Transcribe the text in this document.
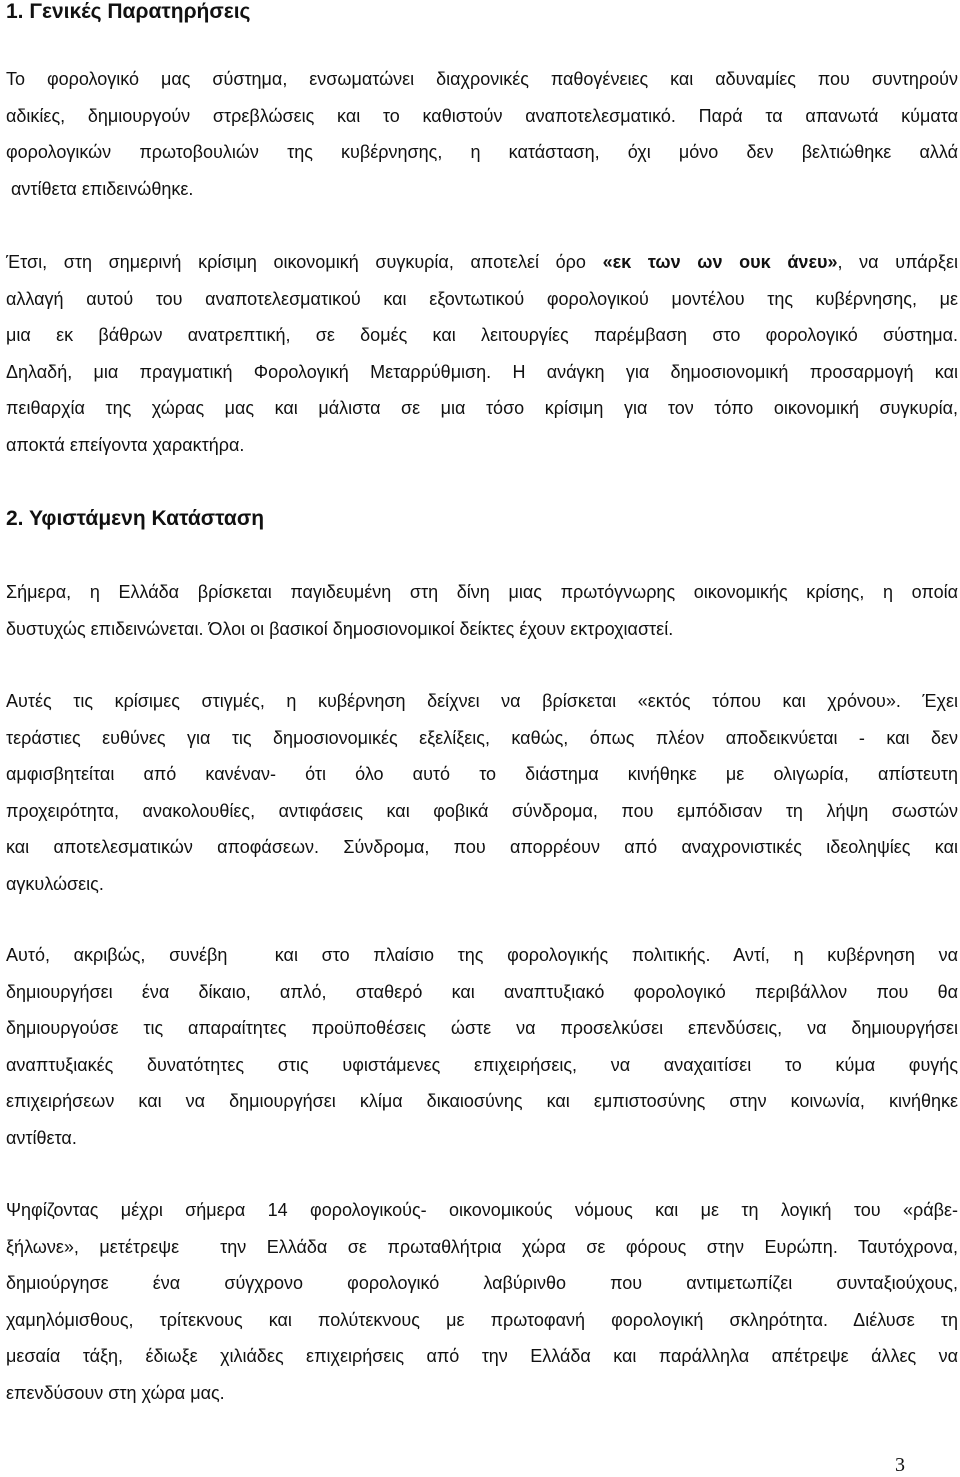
1. Γενικές Παρατηρήσεις

Το φορολογικό μας σύστημα, ενσωματώνει διαχρονικές παθογένειες και αδυναμίες που συντηρούν
αδικίες, δημιουργούν στρεβλώσεις και το καθιστούν αναποτελεσματικό. Παρά τα απανωτά κύματα
φορολογικών πρωτοβουλιών της κυβέρνησης, η κατάσταση, όχι μόνο δεν βελτιώθηκε αλλά
αντίθετα επιδεινώθηκε.

Έτσι, στη σημερινή κρίσιμη οικονομική συγκυρία, αποτελεί όρο «εκ των ων ουκ άνευ», να υπάρξει
αλλαγή αυτού του αναποτελεσματικού και εξοντωτικού φορολογικού μοντέλου της κυβέρνησης, με
μια εκ βάθρων ανατρεπτική, σε δομές και λειτουργίες παρέμβαση στο φορολογικό σύστημα.
Δηλαδή, μια πραγματική Φορολογική Μεταρρύθμιση. Η ανάγκη για δημοσιονομική προσαρμογή και
πειθαρχία της χώρας μας και μάλιστα σε μια τόσο κρίσιμη για τον τόπο οικονομική συγκυρία,
αποκτά επείγοντα χαρακτήρα.

2. Υφιστάμενη Κατάσταση

Σήμερα, η Ελλάδα βρίσκεται παγιδευμένη στη δίνη μιας πρωτόγνωρης οικονομικής κρίσης, η οποία
δυστυχώς επιδεινώνεται. Όλοι οι βασικοί δημοσιονομικοί δείκτες έχουν εκτροχιαστεί.

Αυτές τις κρίσιμες στιγμές, η κυβέρνηση δείχνει να βρίσκεται «εκτός τόπου και χρόνου». Έχει
τεράστιες ευθύνες για τις δημοσιονομικές εξελίξεις, καθώς, όπως πλέον αποδεικνύεται - και δεν
αμφισβητείται από κανέναν- ότι όλο αυτό το διάστημα κινήθηκε με ολιγωρία, απίστευτη
προχειρότητα, ανακολουθίες, αντιφάσεις και φοβικά σύνδρομα, που εμπόδισαν τη λήψη σωστών
και αποτελεσματικών αποφάσεων. Σύνδρομα, που απορρέουν από αναχρονιστικές ιδεοληψίες και
αγκυλώσεις.

Αυτό, ακριβώς, συνέβη  και στο πλαίσιο της φορολογικής πολιτικής. Αντί, η κυβέρνηση να
δημιουργήσει ένα δίκαιο, απλό, σταθερό και αναπτυξιακό φορολογικό περιβάλλον που θα
δημιουργούσε τις απαραίτητες προϋποθέσεις ώστε να προσελκύσει επενδύσεις, να δημιουργήσει
αναπτυξιακές δυνατότητες στις υφιστάμενες επιχειρήσεις, να αναχαιτίσει το κύμα φυγής
επιχειρήσεων και να δημιουργήσει κλίμα δικαιοσύνης και εμπιστοσύνης στην κοινωνία, κινήθηκε
αντίθετα.

Ψηφίζοντας μέχρι σήμερα 14 φορολογικούς- οικονομικούς νόμους και με τη λογική του «ράβε-
ξήλωνε», μετέτρεψε  την Ελλάδα σε πρωταθλήτρια χώρα σε φόρους στην Ευρώπη. Ταυτόχρονα,
δημιούργησε ένα σύγχρονο φορολογικό λαβύρινθο που αντιμετωπίζει συνταξιούχους,
χαμηλόμισθους, τρίτεκνους και πολύτεκνους με πρωτοφανή φορολογική σκληρότητα. Διέλυσε τη
μεσαία τάξη, έδιωξε χιλιάδες επιχειρήσεις από την Ελλάδα και παράλληλα απέτρεψε άλλες να
επενδύσουν στη χώρα μας.

3
